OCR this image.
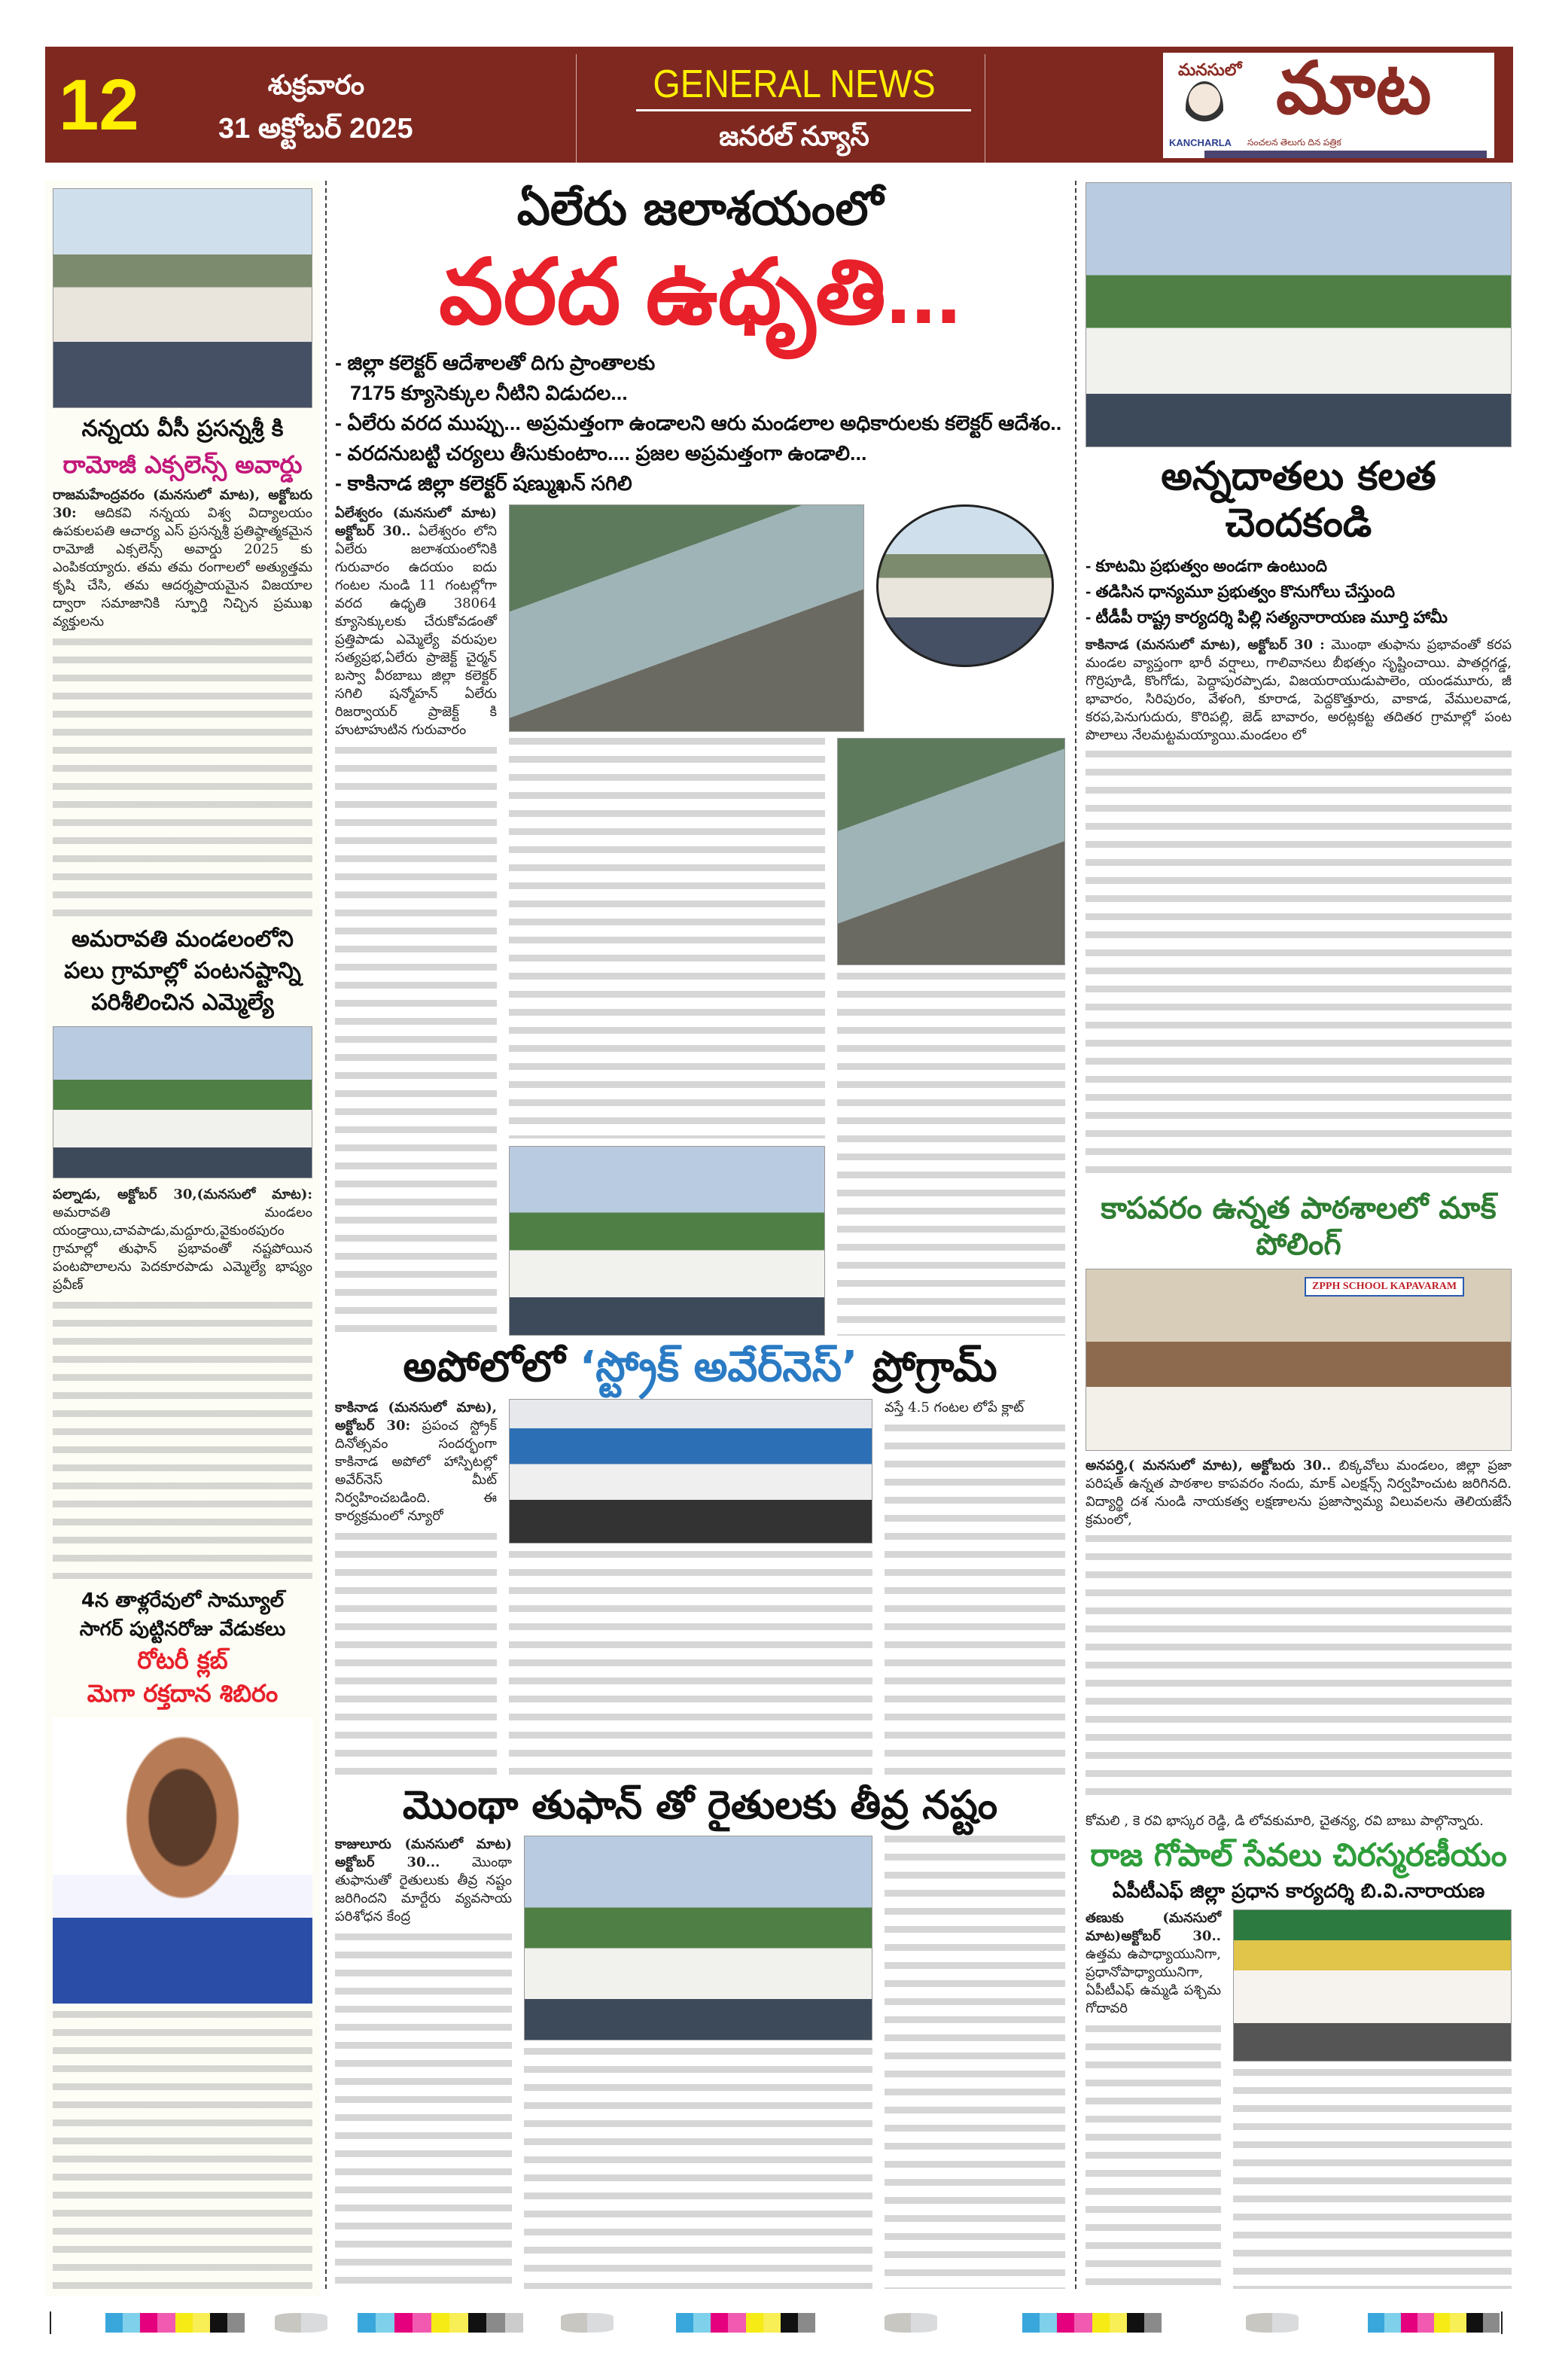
12	శుక్రవారం
31 అక్టోబర్ 2025
GENERAL NEWS
జనరల్ న్యూస్
మనసులో మాట
KANCHARLA సంచలన తెలుగు దిన పత్రిక
నన్నయ వీసీ ప్రసన్నశ్రీ కి
రామోజీ ఎక్సలెన్స్ అవార్డు
రాజమహేంద్రవరం (మనసులో మాట), అక్టోబరు 30: ఆదికవి నన్నయ విశ్వ విద్యాలయం ఉపకులపతి ఆచార్య ఎస్ ప్రసన్నశ్రీ ప్రతిష్ఠాత్మకమైన రామోజీ ఎక్సలెన్స్ అవార్డు 2025 కు ఎంపికయ్యారు. తమ తమ రంగాలలో అత్యుత్తమ కృషి చేసి, తమ ఆదర్శప్రాయమైన విజయాల ద్వారా సమాజానికి స్ఫూర్తి నిచ్చిన ప్రముఖ వ్యక్తులను
అమరావతి మండలంలోని పలు గ్రామాల్లో పంటనష్టాన్ని పరిశీలించిన ఎమ్మెల్యే
పల్నాడు, అక్టోబర్ 30,(మనసులో మాట): అమరావతి మండలం యండ్రాయి,చావపాడు,మద్దూరు,వైకుంఠపురం గ్రామాల్లో తుఫాన్ ప్రభావంతో నష్టపోయిన పంటపొలాలను పెదకూరపాడు ఎమ్మెల్యే భాష్యం ప్రవీణ్
4న తాళ్లరేవులో సామ్యూల్
సాగర్ పుట్టినరోజు వేడుకలు
రోటరీ క్లబ్
మెగా రక్తదాన శిబిరం
ఏలేరు జలాశయంలో
వరద ఉధృతి...
- జిల్లా కలెక్టర్ ఆదేశాలతో దిగు ప్రాంతాలకు
7175 క్యూసెక్కుల నీటిని విడుదల...
- ఏలేరు వరద ముప్పు... అప్రమత్తంగా ఉండాలని ఆరు మండలాల అధికారులకు కలెక్టర్ ఆదేశం..
- వరదనుబట్టి చర్యలు తీసుకుంటాం.... ప్రజల అప్రమత్తంగా ఉండాలి...
- కాకినాడ జిల్లా కలెక్టర్ షణ్ముఖన్ సగిలి
ఏలేశ్వరం (మనసులో మాట) అక్టోబర్ 30.. ఏలేశ్వరం లోని ఏలేరు జలాశయంలోనికి గురువారం ఉదయం ఐదు గంటల నుండి 11 గంటల్లోగా వరద ఉధృతి 38064 క్యూసెక్కులకు చేరుకోవడంతో ప్రత్తిపాడు ఎమ్మెల్యే వరుపుల సత్యప్రభ,ఏలేరు ప్రాజెక్ట్ చైర్మన్ బస్వా వీరబాబు జిల్లా కలెక్టర్ సగిలి షన్మోహన్ ఏలేరు రిజర్వాయర్ ప్రాజెక్ట్ కి హుటాహుటిన గురువారం
అపోలోలో ‘స్ట్రోక్ అవేర్‌నెస్’ ప్రోగ్రామ్
కాకినాడ (మనసులో మాట), అక్టోబర్ 30: ప్రపంచ స్ట్రోక్ దినోత్సవం సందర్భంగా కాకినాడ అపోలో హాస్పిటల్లో అవేర్‌నెస్ మీట్ నిర్వహించబడింది. ఈ కార్యక్రమంలో న్యూరో
వస్తే 4.5 గంటల లోపే క్లాట్
మొంథా తుఫాన్ తో రైతులకు తీవ్ర నష్టం
కాజులూరు (మనసులో మాట) అక్టోబర్ 30... మొంథా తుఫానుతో రైతులుకు తీవ్ర నష్టం జరిగిందని మార్టేరు వ్యవసాయ పరిశోధన కేంద్ర
అన్నదాతలు కలత చెందకండి
- కూటమి ప్రభుత్వం అండగా ఉంటుంది
- తడిసిన ధాన్యమూ ప్రభుత్వం కొనుగోలు చేస్తుంది
- టీడీపీ రాష్ట్ర కార్యదర్శి పిల్లి సత్యనారాయణ మూర్తి హామీ
కాకినాడ (మనసులో మాట), అక్టోబర్ 30 : మొంథా తుఫాను ప్రభావంతో కరప మండల వ్యాప్తంగా భారీ వర్షాలు, గాలివానలు బీభత్సం సృష్టించాయి. పాతర్లగడ్డ, గొర్రిపూడి, కొంగోడు, పెద్దాపురప్పాడు, విజయరాయుడుపాలెం, యండమూరు, జీ భావారం, సిరిపురం, వేళంగి, కూరాడ, పెద్దకొత్తూరు, వాకాడ, వేములవాడ, కరప,పెనుగుదురు, కొరిపల్లి, జెడ్ బావారం, అరట్లకట్ట తదితర గ్రామాల్లో పంట పొలాలు నేలమట్టమయ్యాయి.మండలం లో
కాపవరం ఉన్నత పాఠశాలలో మాక్ పోలింగ్
ZPPH SCHOOL KAPAVARAM
అనపర్తి,( మనసులో మాట), అక్టోబరు 30.. బిక్కవోలు మండలం, జిల్లా ప్రజా పరిషత్ ఉన్నత పాఠశాల కాపవరం నందు, మాక్ ఎలక్షన్స్ నిర్వహించుట జరిగినది. విద్యార్థి దశ నుండి నాయకత్వ లక్షణాలను ప్రజాస్వామ్య విలువలను తెలియజేసే క్రమంలో,
కోమలి , కె రవి భాస్కర రెడ్డి, డి లోవకుమారి, చైతన్య, రవి బాబు పాల్గొన్నారు.
రాజ గోపాల్ సేవలు చిరస్మరణీయం
ఏపీటీఎఫ్ జిల్లా ప్రధాన కార్యదర్శి బి.వి.నారాయణ
తణుకు (మనసులో మాట)అక్టోబర్ 30.. ఉత్తమ ఉపాధ్యాయునిగా, ప్రధానోపాధ్యాయునిగా, ఏపీటీఎఫ్ ఉమ్మడి పశ్చిమ గోదావరి
